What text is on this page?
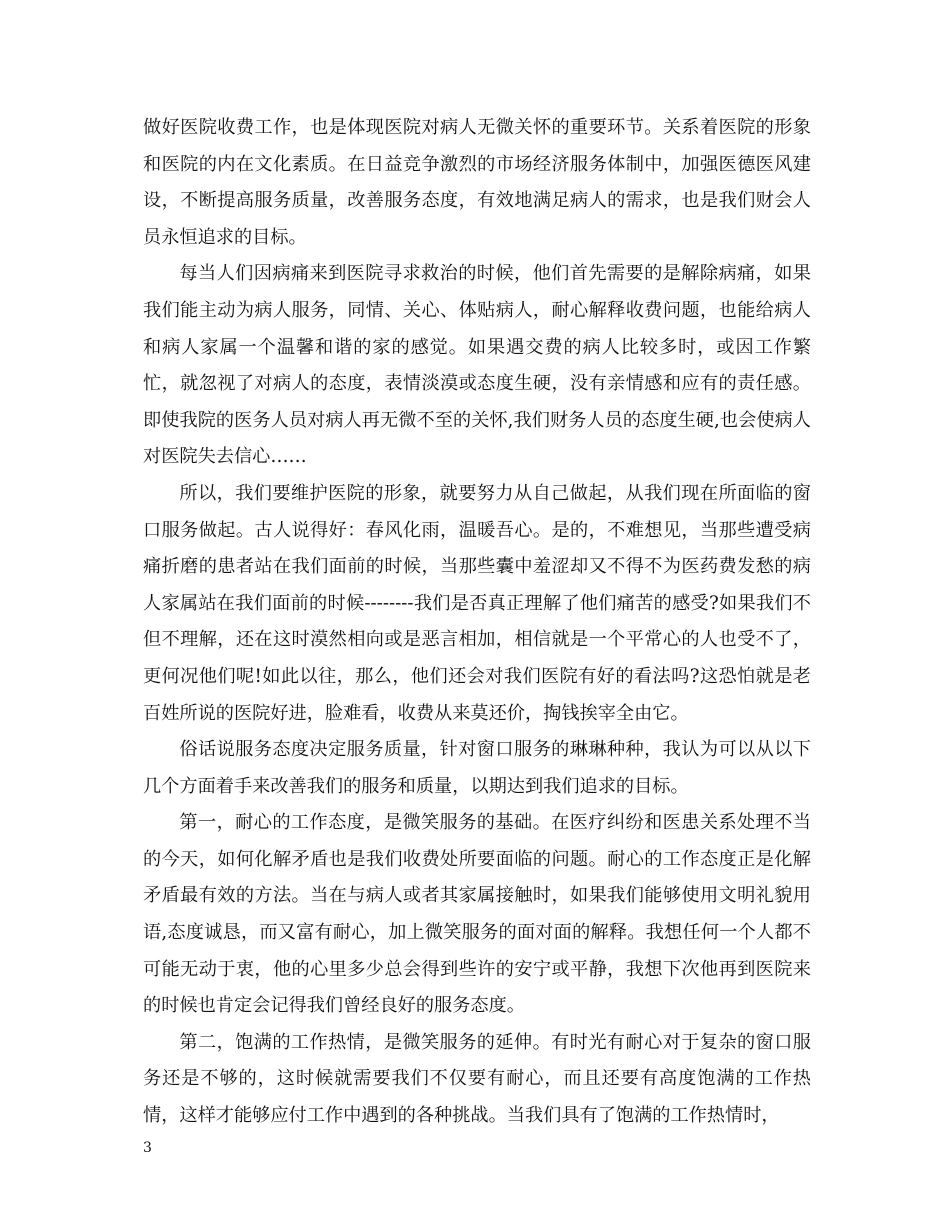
做好医院收费工作，也是体现医院对病人无微关怀的重要环节。关系着医院的形象和医院的内在文化素质。在日益竞争激烈的市场经济服务体制中，加强医德医风建设，不断提高服务质量，改善服务态度，有效地满足病人的需求，也是我们财会人员永恒追求的目标。

每当人们因病痛来到医院寻求救治的时候，他们首先需要的是解除病痛，如果我们能主动为病人服务，同情、关心、体贴病人，耐心解释收费问题，也能给病人和病人家属一个温馨和谐的家的感觉。如果遇交费的病人比较多时，或因工作繁忙，就忽视了对病人的态度，表情淡漠或态度生硬，没有亲情感和应有的责任感。即使我院的医务人员对病人再无微不至的关怀,我们财务人员的态度生硬,也会使病人对医院失去信心……

所以，我们要维护医院的形象，就要努力从自己做起，从我们现在所面临的窗口服务做起。古人说得好：春风化雨，温暖吾心。是的，不难想见，当那些遭受病痛折磨的患者站在我们面前的时候，当那些囊中羞涩却又不得不为医药费发愁的病人家属站在我们面前的时候--------我们是否真正理解了他们痛苦的感受?如果我们不但不理解，还在这时漠然相向或是恶言相加，相信就是一个平常心的人也受不了，更何况他们呢!如此以往，那么，他们还会对我们医院有好的看法吗?这恐怕就是老百姓所说的医院好进，脸难看，收费从来莫还价，掏钱挨宰全由它。

俗话说服务态度决定服务质量，针对窗口服务的琳琳种种，我认为可以从以下几个方面着手来改善我们的服务和质量，以期达到我们追求的目标。

第一，耐心的工作态度，是微笑服务的基础。在医疗纠纷和医患关系处理不当的今天，如何化解矛盾也是我们收费处所要面临的问题。耐心的工作态度正是化解矛盾最有效的方法。当在与病人或者其家属接触时，如果我们能够使用文明礼貌用语,态度诚恳，而又富有耐心，加上微笑服务的面对面的解释。我想任何一个人都不可能无动于衷，他的心里多少总会得到些许的安宁或平静，我想下次他再到医院来的时候也肯定会记得我们曾经良好的服务态度。

第二，饱满的工作热情，是微笑服务的延伸。有时光有耐心对于复杂的窗口服务还是不够的，这时候就需要我们不仅要有耐心，而且还要有高度饱满的工作热情，这样才能够应付工作中遇到的各种挑战。当我们具有了饱满的工作热情时，

3
